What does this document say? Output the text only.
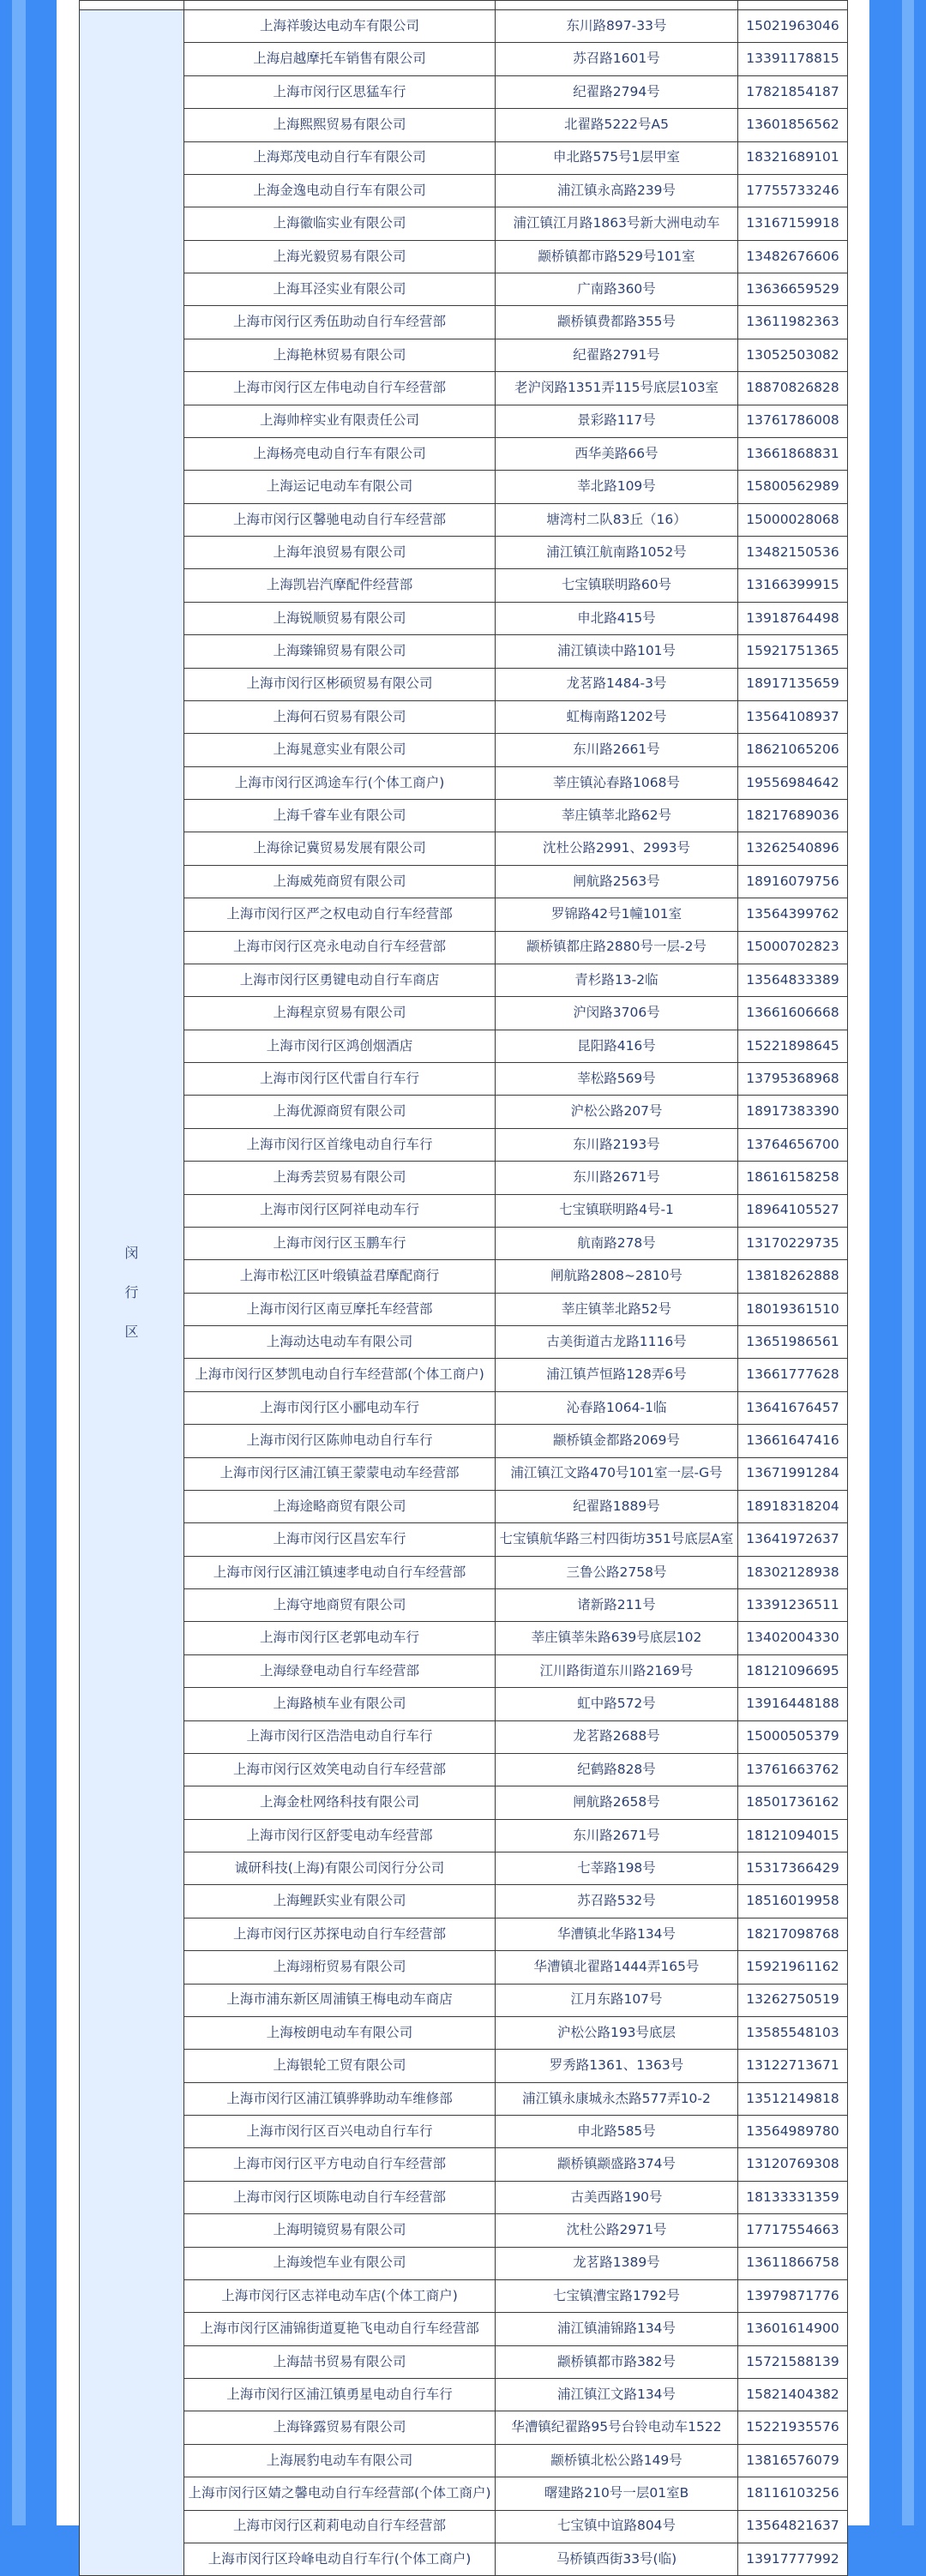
闵
行
区	上海祥骏达电动车有限公司	东川路897-33号	15021963046
	上海启越摩托车销售有限公司	苏召路1601号	13391178815
	上海市闵行区思猛车行	纪翟路2794号	17821854187
	上海熙熙贸易有限公司	北翟路5222号A5	13601856562
	上海郑茂电动自行车有限公司	申北路575号1层甲室	18321689101
	上海金逸电动自行车有限公司	浦江镇永高路239号	17755733246
	上海徽临实业有限公司	浦江镇江月路1863号新大洲电动车	13167159918
	上海光毅贸易有限公司	颛桥镇都市路529号101室	13482676606
	上海耳泾实业有限公司	广南路360号	13636659529
	上海市闵行区秀伍助动自行车经营部	颛桥镇费都路355号	13611982363
	上海艳林贸易有限公司	纪翟路2791号	13052503082
	上海市闵行区左伟电动自行车经营部	老沪闵路1351弄115号底层103室	18870826828
	上海帅梓实业有限责任公司	景彩路117号	13761786008
	上海杨亮电动自行车有限公司	西华美路66号	13661868831
	上海运记电动车有限公司	莘北路109号	15800562989
	上海市闵行区馨驰电动自行车经营部	塘湾村二队83丘（16）	15000028068
	上海年浪贸易有限公司	浦江镇江航南路1052号	13482150536
	上海凯岩汽摩配件经营部	七宝镇联明路60号	13166399915
	上海锐顺贸易有限公司	申北路415号	13918764498
	上海臻锦贸易有限公司	浦江镇读中路101号	15921751365
	上海市闵行区彬硕贸易有限公司	龙茗路1484-3号	18917135659
	上海何石贸易有限公司	虹梅南路1202号	13564108937
	上海晁意实业有限公司	东川路2661号	18621065206
	上海市闵行区鸿途车行(个体工商户)	莘庄镇沁春路1068号	19556984642
	上海千睿车业有限公司	莘庄镇莘北路62号	18217689036
	上海徐记冀贸易发展有限公司	沈杜公路2991、2993号	13262540896
	上海威苑商贸有限公司	闸航路2563号	18916079756
	上海市闵行区严之权电动自行车经营部	罗锦路42号1幢101室	13564399762
	上海市闵行区亮永电动自行车经营部	颛桥镇都庄路2880号一层-2号	15000702823
	上海市闵行区勇键电动自行车商店	青杉路13-2临	13564833389
	上海程京贸易有限公司	沪闵路3706号	13661606668
	上海市闵行区鸿创烟酒店	昆阳路416号	15221898645
	上海市闵行区代雷自行车行	莘松路569号	13795368968
	上海优源商贸有限公司	沪松公路207号	18917383390
	上海市闵行区首缘电动自行车行	东川路2193号	13764656700
	上海秀芸贸易有限公司	东川路2671号	18616158258
	上海市闵行区阿祥电动车行	七宝镇联明路4号-1	18964105527
	上海市闵行区玉鹏车行	航南路278号	13170229735
	上海市松江区叶缎镇益君摩配商行	闸航路2808~2810号	13818262888
	上海市闵行区南豆摩托车经营部	莘庄镇莘北路52号	18019361510
	上海动达电动车有限公司	古美街道古龙路1116号	13651986561
	上海市闵行区梦凯电动自行车经营部(个体工商户)	浦江镇芦恒路128弄6号	13661777628
	上海市闵行区小郦电动车行	沁春路1064-1临	13641676457
	上海市闵行区陈帅电动自行车行	颛桥镇金都路2069号	13661647416
	上海市闵行区浦江镇王蒙蒙电动车经营部	浦江镇江文路470号101室一层-G号	13671991284
	上海途略商贸有限公司	纪翟路1889号	18918318204
	上海市闵行区昌宏车行	七宝镇航华路三村四街坊351号底层A室	13641972637
	上海市闵行区浦江镇速孝电动自行车经营部	三鲁公路2758号	18302128938
	上海守地商贸有限公司	诸新路211号	13391236511
	上海市闵行区老郭电动车行	莘庄镇莘朱路639号底层102	13402004330
	上海绿登电动自行车经营部	江川路街道东川路2169号	18121096695
	上海路桢车业有限公司	虹中路572号	13916448188
	上海市闵行区浩浩电动自行车行	龙茗路2688号	15000505379
	上海市闵行区效笑电动自行车经营部	纪鹤路828号	13761663762
	上海金杜网络科技有限公司	闸航路2658号	18501736162
	上海市闵行区舒雯电动车经营部	东川路2671号	18121094015
	诚研科技(上海)有限公司闵行分公司	七莘路198号	15317366429
	上海鲤跃实业有限公司	苏召路532号	18516019958
	上海市闵行区苏探电动自行车经营部	华漕镇北华路134号	18217098768
	上海翊桁贸易有限公司	华漕镇北翟路1444弄165号	15921961162
	上海市浦东新区周浦镇王梅电动车商店	江月东路107号	13262750519
	上海桉朗电动车有限公司	沪松公路193号底层	13585548103
	上海银轮工贸有限公司	罗秀路1361、1363号	13122713671
	上海市闵行区浦江镇骅骅助动车维修部	浦江镇永康城永杰路577弄10-2	13512149818
	上海市闵行区百兴电动自行车行	申北路585号	13564989780
	上海市闵行区平方电动自行车经营部	颛桥镇颛盛路374号	13120769308
	上海市闵行区顷陈电动自行车经营部	古美西路190号	18133331359
	上海明镜贸易有限公司	沈杜公路2971号	17717554663
	上海竣恺车业有限公司	龙茗路1389号	13611866758
	上海市闵行区志祥电动车店(个体工商户)	七宝镇漕宝路1792号	13979871776
	上海市闵行区浦锦街道夏艳飞电动自行车经营部	浦江镇浦锦路134号	13601614900
	上海喆书贸易有限公司	颛桥镇都市路382号	15721588139
	上海市闵行区浦江镇勇星电动自行车行	浦江镇江文路134号	15821404382
	上海锋露贸易有限公司	华漕镇纪翟路95号台铃电动车1522	15221935576
	上海展豹电动车有限公司	颛桥镇北松公路149号	13816576079
	上海市闵行区婧之馨电动自行车经营部(个体工商户)	曙建路210号一层01室B	18116103256
	上海市闵行区莉莉电动自行车经营部	七宝镇中谊路804号	13564821637
	上海市闵行区玲峰电动自行车行(个体工商户)	马桥镇西街33号(临)	13917777992
